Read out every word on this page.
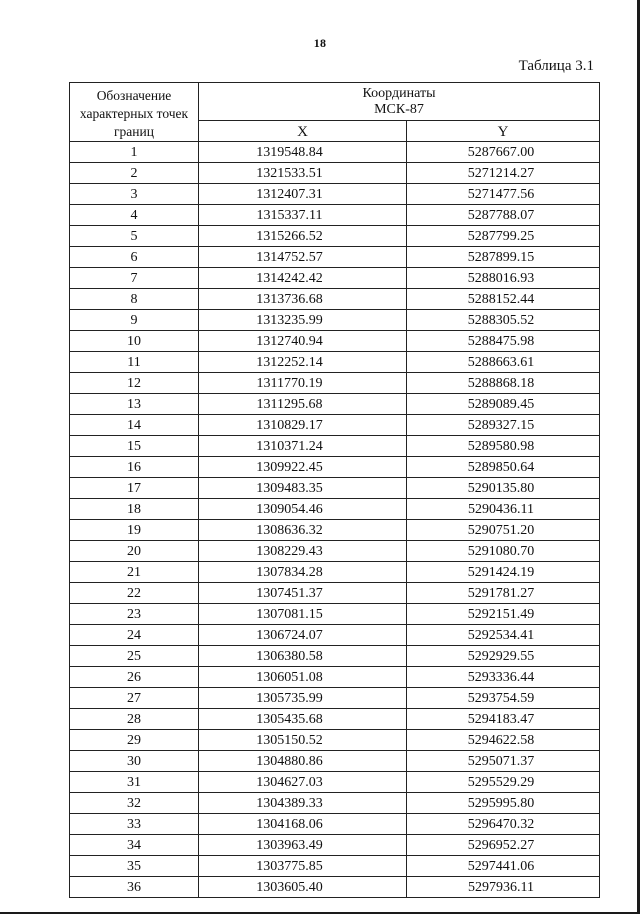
18
Таблица 3.1
Обозначение характерных точек границ	Координаты
МСК-87	

	X	Y
1	1319548.84	5287667.00
2	1321533.51	5271214.27
3	1312407.31	5271477.56
4	1315337.11	5287788.07
5	1315266.52	5287799.25
6	1314752.57	5287899.15
7	1314242.42	5288016.93
8	1313736.68	5288152.44
9	1313235.99	5288305.52
10	1312740.94	5288475.98
11	1312252.14	5288663.61
12	1311770.19	5288868.18
13	1311295.68	5289089.45
14	1310829.17	5289327.15
15	1310371.24	5289580.98
16	1309922.45	5289850.64
17	1309483.35	5290135.80
18	1309054.46	5290436.11
19	1308636.32	5290751.20
20	1308229.43	5291080.70
21	1307834.28	5291424.19
22	1307451.37	5291781.27
23	1307081.15	5292151.49
24	1306724.07	5292534.41
25	1306380.58	5292929.55
26	1306051.08	5293336.44
27	1305735.99	5293754.59
28	1305435.68	5294183.47
29	1305150.52	5294622.58
30	1304880.86	5295071.37
31	1304627.03	5295529.29
32	1304389.33	5295995.80
33	1304168.06	5296470.32
34	1303963.49	5296952.27
35	1303775.85	5297441.06
36	1303605.40	5297936.11
